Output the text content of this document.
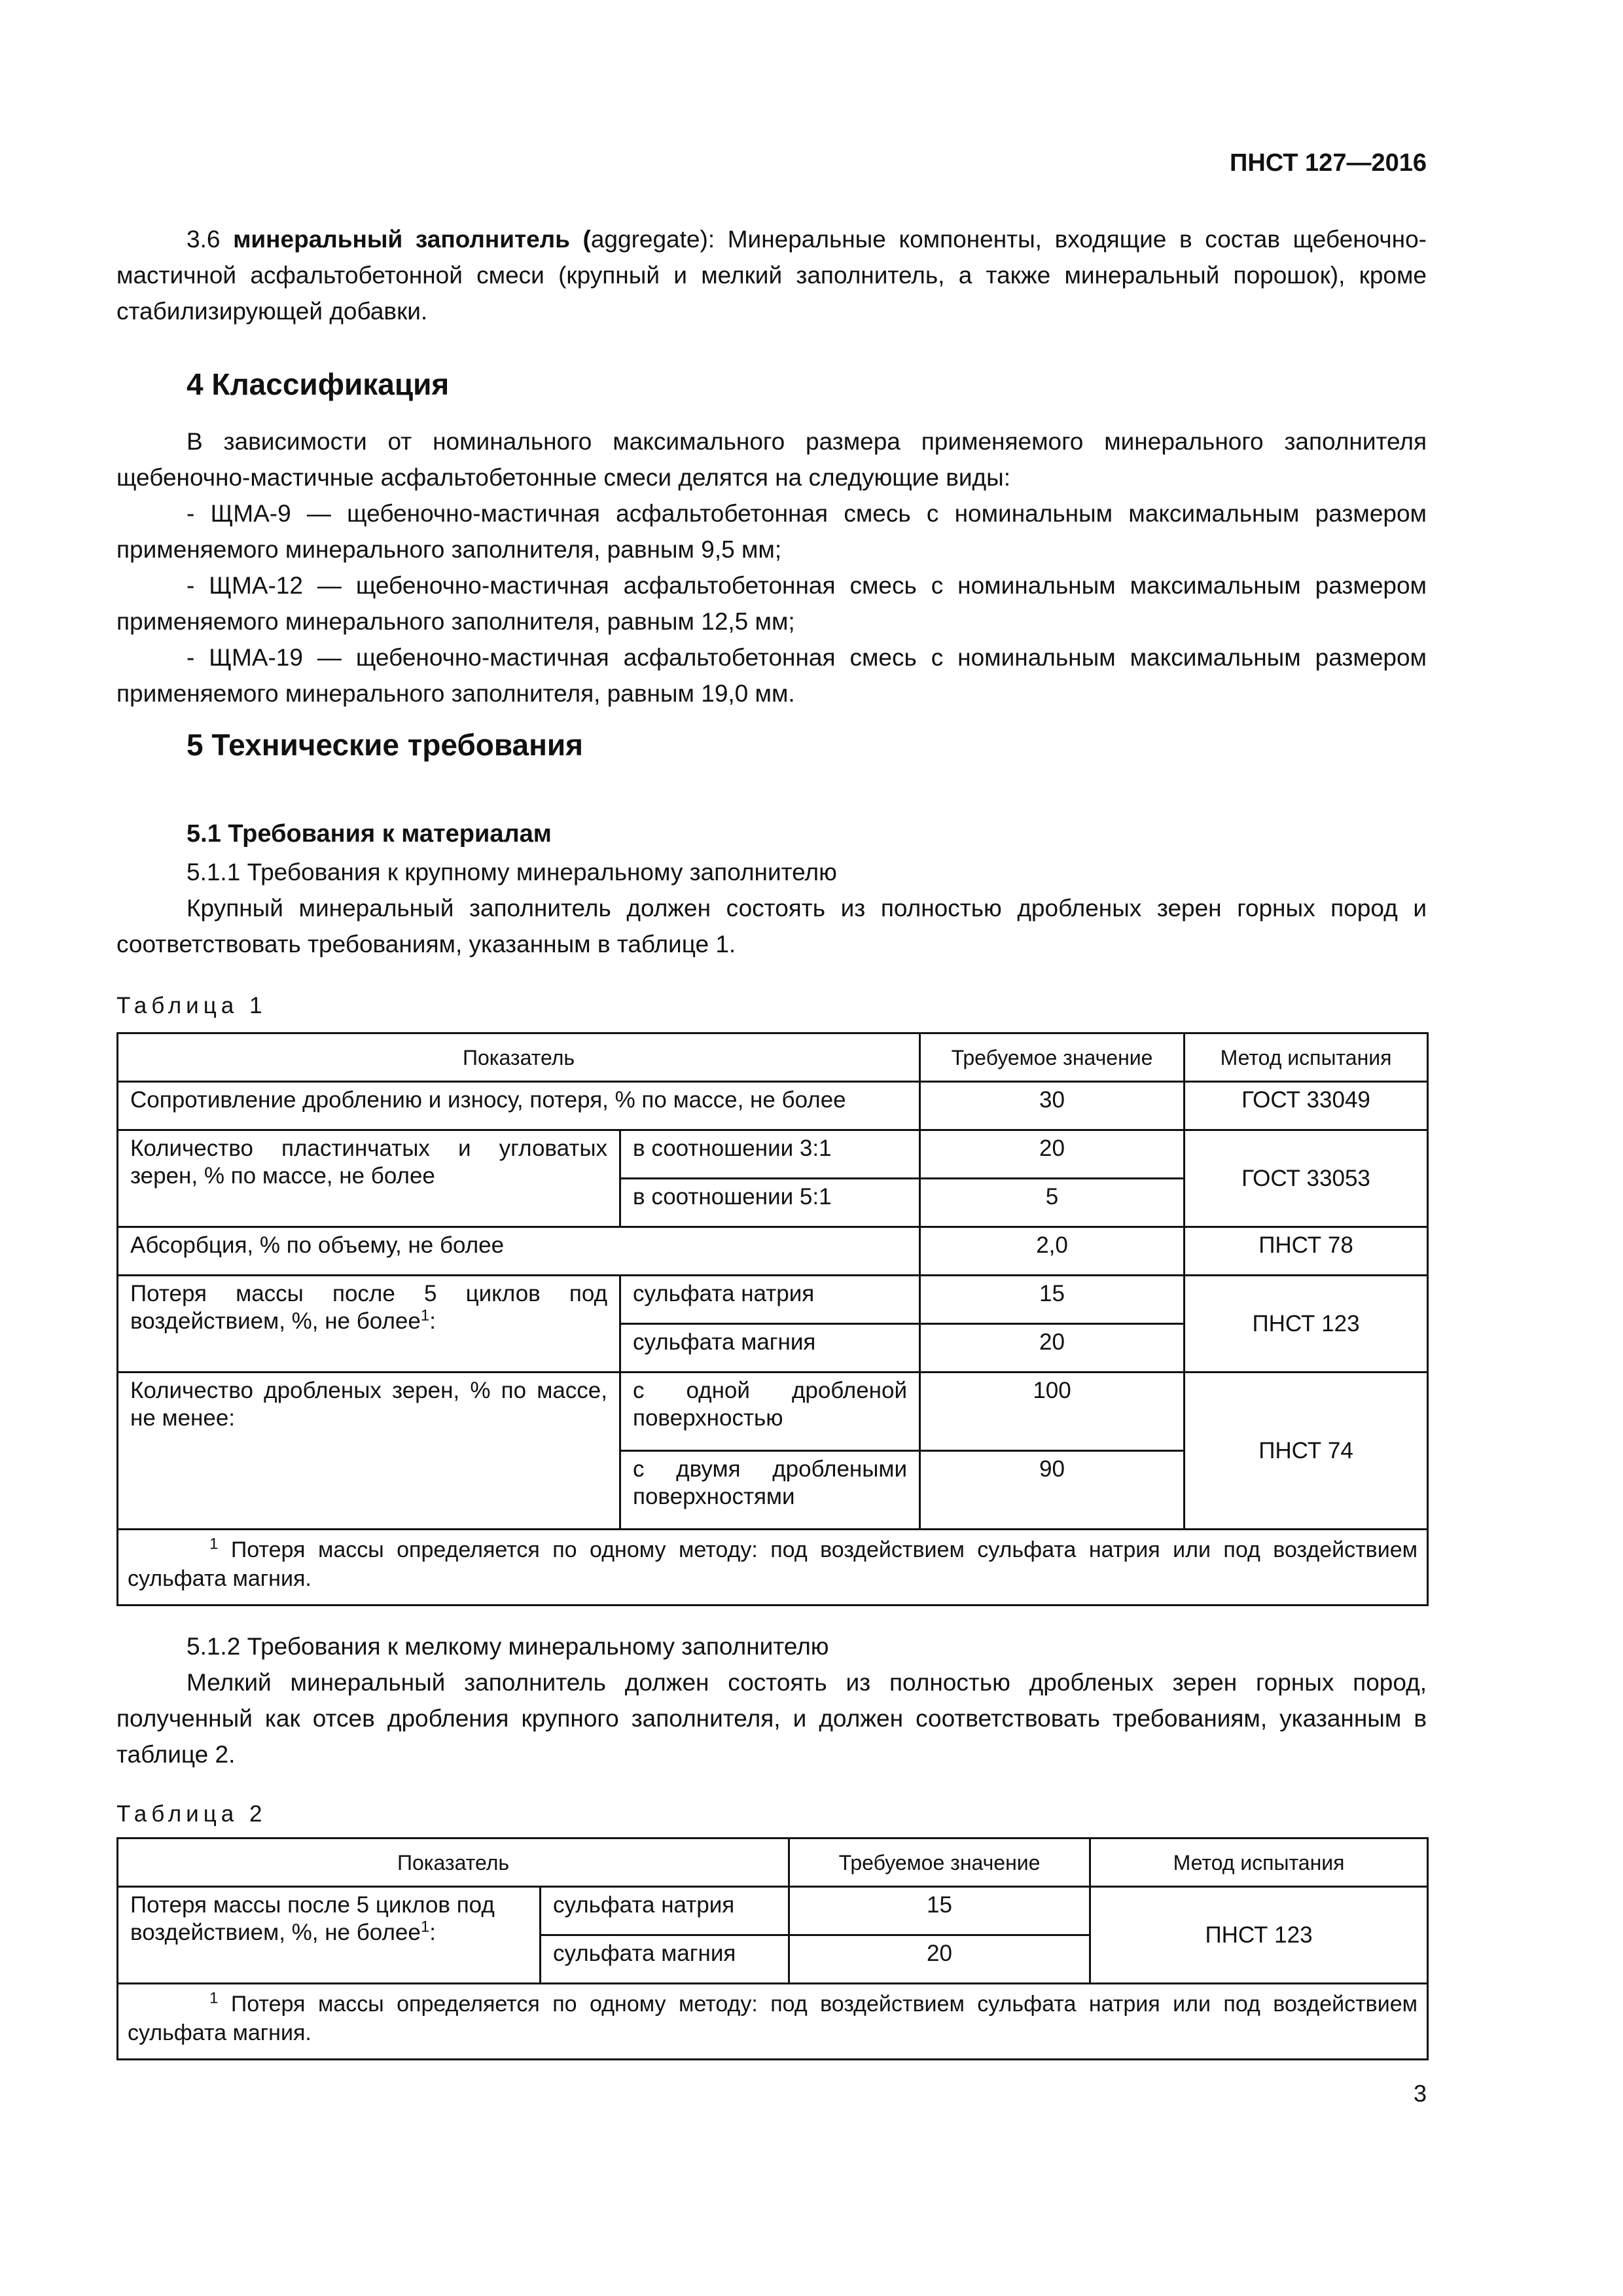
ПНСТ 127—2016

3.6 минеральный заполнитель (aggregate): Минеральные компоненты, входящие в состав щебеночно-мастичной асфальтобетонной смеси (крупный и мелкий заполнитель, а также минеральный порошок), кроме стабилизирующей добавки.

4 Классификация

В зависимости от номинального максимального размера применяемого минерального заполнителя щебеночно-мастичные асфальтобетонные смеси делятся на следующие виды:

- ЩМА-9 — щебеночно-мастичная асфальтобетонная смесь с номинальным максимальным размером применяемого минерального заполнителя, равным 9,5 мм;

- ЩМА-12 — щебеночно-мастичная асфальтобетонная смесь с номинальным максимальным размером применяемого минерального заполнителя, равным 12,5 мм;

- ЩМА-19 — щебеночно-мастичная асфальтобетонная смесь с номинальным максимальным размером применяемого минерального заполнителя, равным 19,0 мм.

5 Технические требования
5.1 Требования к материалам

5.1.1 Требования к крупному минеральному заполнителю

Крупный минеральный заполнитель должен состоять из полностью дробленых зерен горных пород и соответствовать требованиям, указанным в таблице 1.

Таблица 1
Показатель		Требуемое значение	Метод испытания
Сопротивление дроблению и износу, потеря, % по массе, не более		30	ГОСТ 33049
Количество пластинчатых и угловатых зерен, % по массе, не более	в соотношении 3:1	20	ГОСТ 33053
	в соотношении 5:1	5	
Абсорбция, % по объему, не более		2,0	ПНСТ 78
Потеря массы после 5 циклов под воздействием, %, не более$^1$:	сульфата натрия	15	ПНСТ 123
	сульфата магния	20	
Количество дробленых зерен, % по массе, не менее:	с одной дробленой поверхностью	100	ПНСТ 74
	с двумя дроблеными поверхностями	90	
$^1$ Потеря массы определяется по одному методу: под воздействием сульфата натрия или под воздействием сульфата магния.			

5.1.2 Требования к мелкому минеральному заполнителю

Мелкий минеральный заполнитель должен состоять из полностью дробленых зерен горных пород, полученный как отсев дробления крупного заполнителя, и должен соответствовать требованиям, указанным в таблице 2.

Таблица 2
Показатель		Требуемое значение	Метод испытания
Потеря массы после 5 циклов под воздействием, %, не более$^1$:	сульфата натрия	15	ПНСТ 123
	сульфата магния	20	
$^1$ Потеря массы определяется по одному методу: под воздействием сульфата натрия или под воздействием сульфата магния.			
3
